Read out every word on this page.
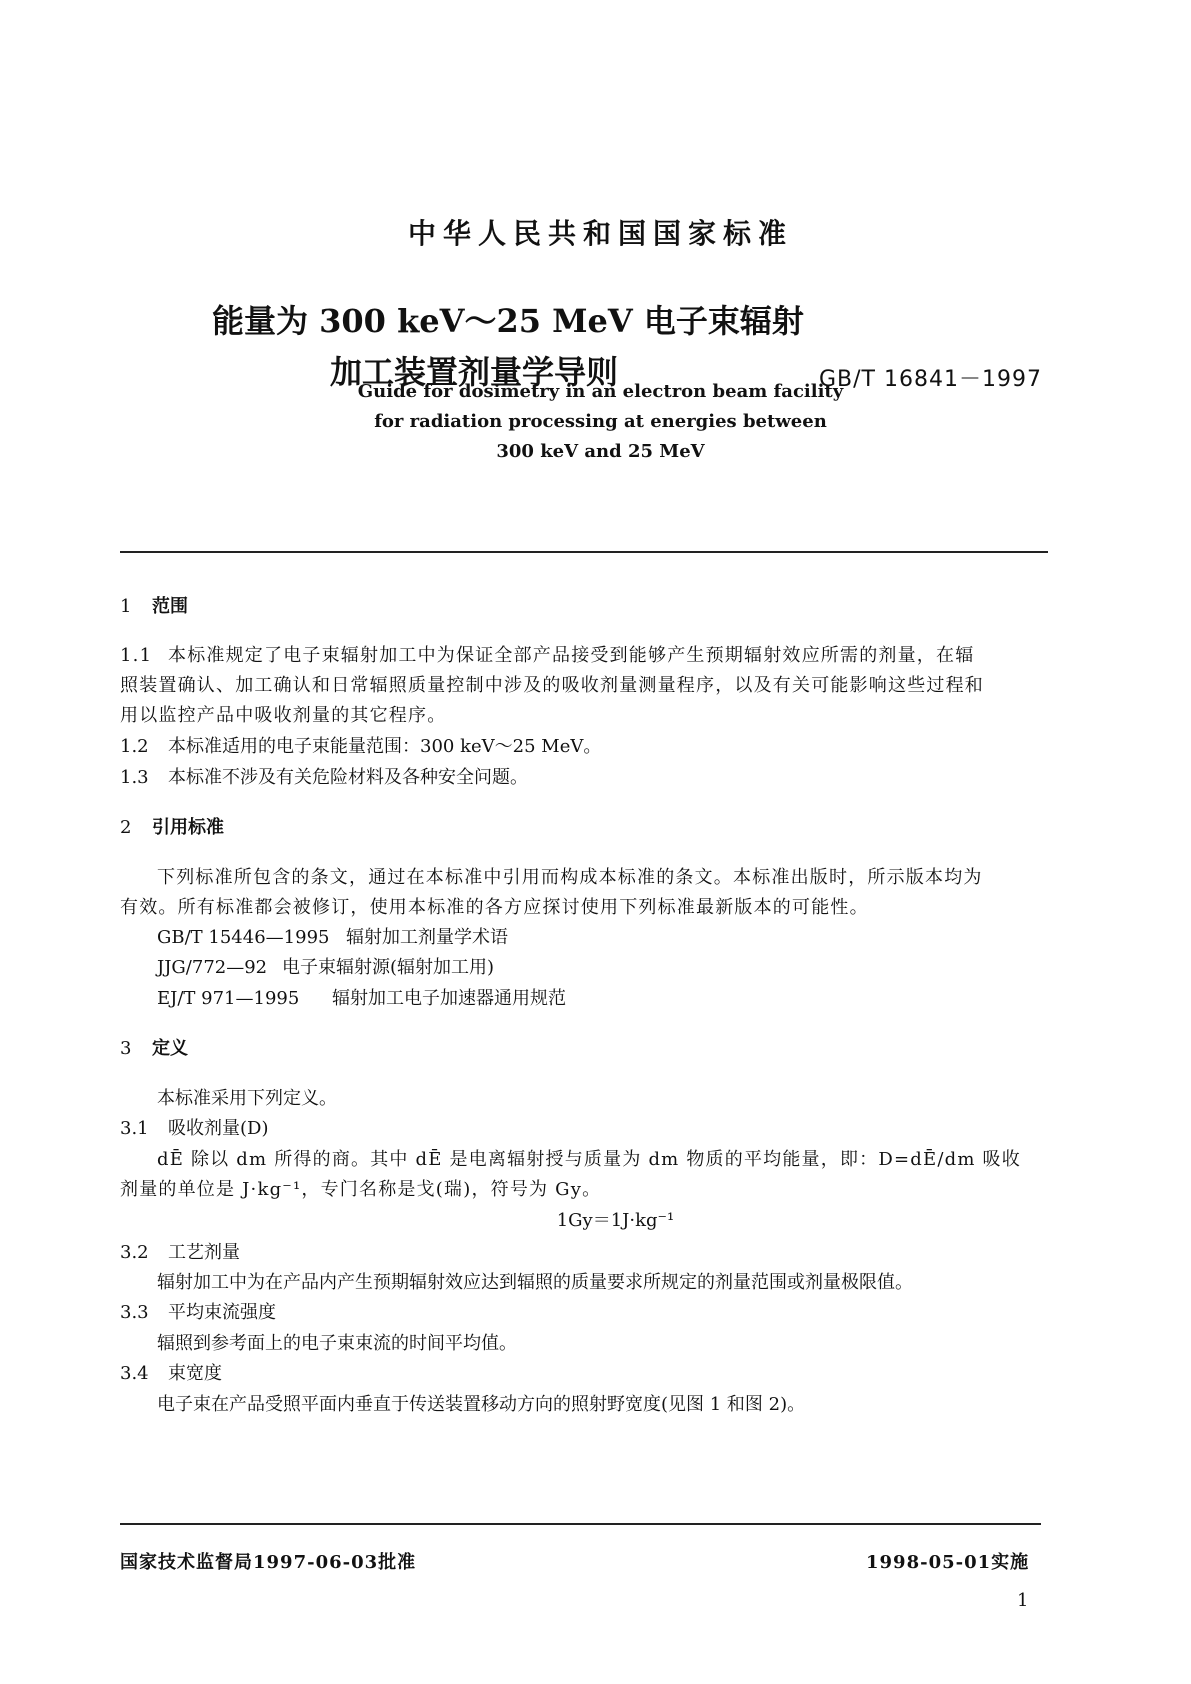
中华人民共和国国家标准
能量为 300 keV～25 MeV 电子束辐射
加工装置剂量学导则	GB/T 16841－1997
Guide for dosimetry in an electron beam facility
for radiation processing at energies between
300 keV and 25 MeV
1 范围
1.1 本标准规定了电子束辐射加工中为保证全部产品接受到能够产生预期辐射效应所需的剂量，在辐
照装置确认、加工确认和日常辐照质量控制中涉及的吸收剂量测量程序，以及有关可能影响这些过程和
用以监控产品中吸收剂量的其它程序。
1.2 本标准适用的电子束能量范围：300 keV～25 MeV。
1.3 本标准不涉及有关危险材料及各种安全问题。
2 引用标准
下列标准所包含的条文，通过在本标准中引用而构成本标准的条文。本标准出版时，所示版本均为
有效。所有标准都会被修订，使用本标准的各方应探讨使用下列标准最新版本的可能性。
GB/T 15446—1995 辐射加工剂量学术语
JJG/772—92 电子束辐射源(辐射加工用)
EJ/T 971—1995 辐射加工电子加速器通用规范
3 定义
本标准采用下列定义。
3.1 吸收剂量(D)
dĒ 除以 dm 所得的商。其中 dĒ 是电离辐射授与质量为 dm 物质的平均能量，即：D=dĒ/dm 吸收
剂量的单位是 J·kg⁻¹，专门名称是戈(瑞)，符号为 Gy。
1Gy＝1J·kg⁻¹
3.2 工艺剂量
辐射加工中为在产品内产生预期辐射效应达到辐照的质量要求所规定的剂量范围或剂量极限值。
3.3 平均束流强度
辐照到参考面上的电子束束流的时间平均值。
3.4 束宽度
电子束在产品受照平面内垂直于传送装置移动方向的照射野宽度(见图 1 和图 2)。
国家技术监督局1997-06-03批准	1998-05-01实施
1
